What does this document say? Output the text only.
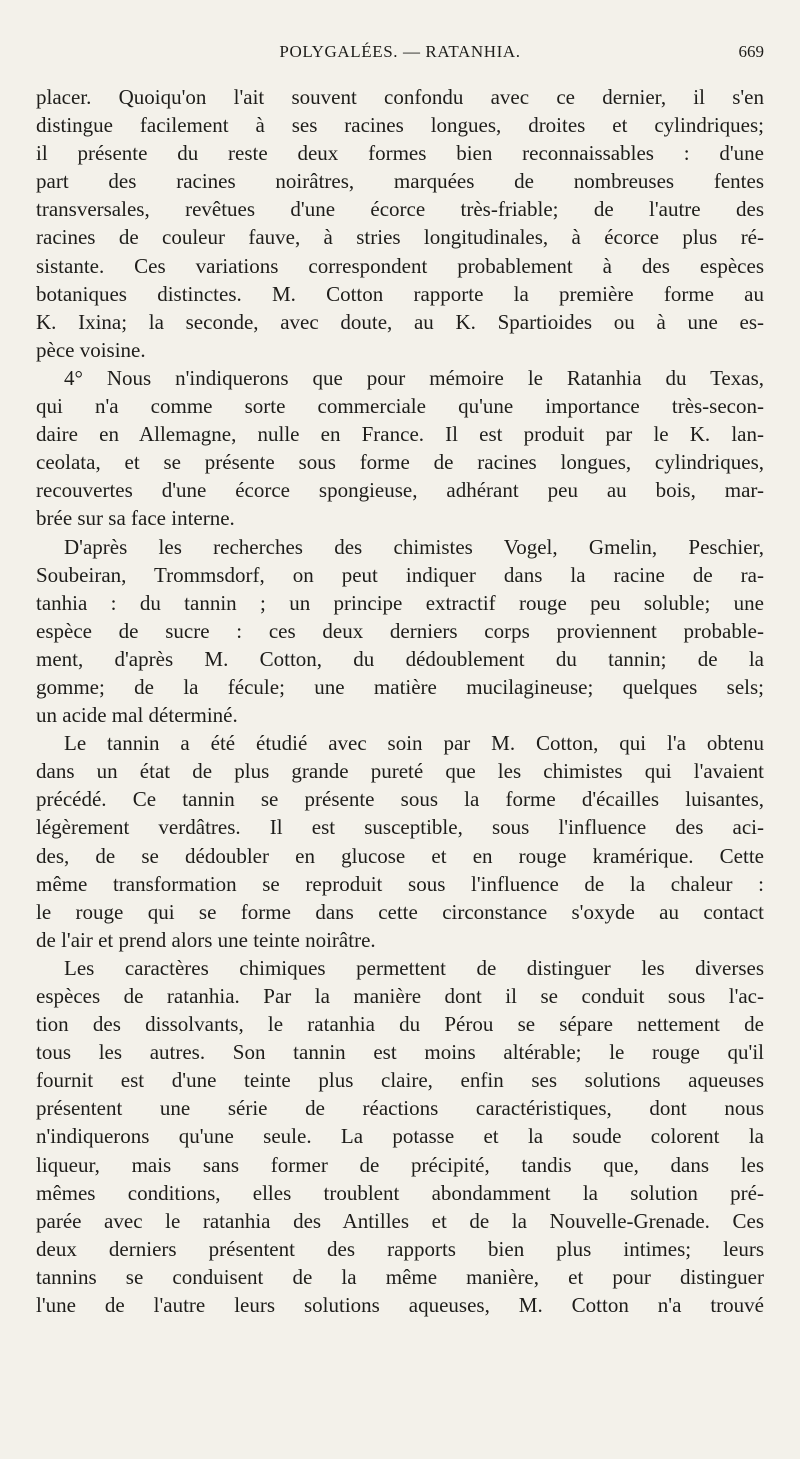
POLYGALÉES. — RATANHIA.	669
placer. Quoiqu'on l'ait souvent confondu avec ce dernier, il s'en
distingue facilement à ses racines longues, droites et cylindriques;
il présente du reste deux formes bien reconnaissables : d'une
part des racines noirâtres, marquées de nombreuses fentes
transversales, revêtues d'une écorce très-friable; de l'autre des
racines de couleur fauve, à stries longitudinales, à écorce plus ré-
sistante. Ces variations correspondent probablement à des espèces
botaniques distinctes. M. Cotton rapporte la première forme au
K. Ixina; la seconde, avec doute, au K. Spartioides ou à une es-
pèce voisine.
4° Nous n'indiquerons que pour mémoire le Ratanhia du Texas,
qui n'a comme sorte commerciale qu'une importance très-secon-
daire en Allemagne, nulle en France. Il est produit par le K. lan-
ceolata, et se présente sous forme de racines longues, cylindriques,
recouvertes d'une écorce spongieuse, adhérant peu au bois, mar-
brée sur sa face interne.
D'après les recherches des chimistes Vogel, Gmelin, Peschier,
Soubeiran, Trommsdorf, on peut indiquer dans la racine de ra-
tanhia : du tannin ; un principe extractif rouge peu soluble; une
espèce de sucre : ces deux derniers corps proviennent probable-
ment, d'après M. Cotton, du dédoublement du tannin; de la
gomme; de la fécule; une matière mucilagineuse; quelques sels;
un acide mal déterminé.
Le tannin a été étudié avec soin par M. Cotton, qui l'a obtenu
dans un état de plus grande pureté que les chimistes qui l'avaient
précédé. Ce tannin se présente sous la forme d'écailles luisantes,
légèrement verdâtres. Il est susceptible, sous l'influence des aci-
des, de se dédoubler en glucose et en rouge kramérique. Cette
même transformation se reproduit sous l'influence de la chaleur :
le rouge qui se forme dans cette circonstance s'oxyde au contact
de l'air et prend alors une teinte noirâtre.
Les caractères chimiques permettent de distinguer les diverses
espèces de ratanhia. Par la manière dont il se conduit sous l'ac-
tion des dissolvants, le ratanhia du Pérou se sépare nettement de
tous les autres. Son tannin est moins altérable; le rouge qu'il
fournit est d'une teinte plus claire, enfin ses solutions aqueuses
présentent une série de réactions caractéristiques, dont nous
n'indiquerons qu'une seule. La potasse et la soude colorent la
liqueur, mais sans former de précipité, tandis que, dans les
mêmes conditions, elles troublent abondamment la solution pré-
parée avec le ratanhia des Antilles et de la Nouvelle-Grenade. Ces
deux derniers présentent des rapports bien plus intimes; leurs
tannins se conduisent de la même manière, et pour distinguer
l'une de l'autre leurs solutions aqueuses, M. Cotton n'a trouvé
